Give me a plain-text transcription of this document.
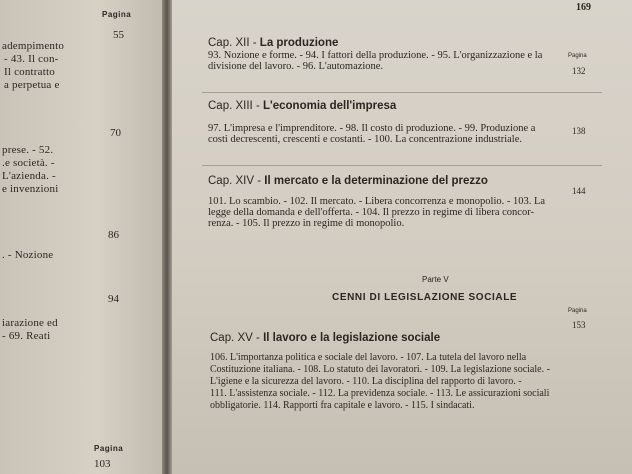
Pagina
adempimento
- 43. Il con-
Il contratto
a perpetua e
55
prese. - 52.
.e società. -
L'azienda. -
e invenzioni
70
. - Nozione
86
iarazione ed
- 69. Reati
94
Pagina
103
169
Cap. XII - La produzione
Pagina
132
93. Nozione e forme. - 94. I fattori della produzione. - 95. L'organizzazione e la
divisione del lavoro. - 96. L'automazione.
Cap. XIII - L'economia dell'impresa
138
97. L'impresa e l'imprenditore. - 98. Il costo di produzione. - 99. Produzione a
costi decrescenti, crescenti e costanti. - 100. La concentrazione industriale.
Cap. XIV - Il mercato e la determinazione del prezzo
144
101. Lo scambio. - 102. Il mercato. - Libera concorrenza e monopolio. - 103. La
legge della domanda e dell'offerta. - 104. Il prezzo in regime di libera concor-
renza. - 105. Il prezzo in regime di monopolio.
Parte V
CENNI DI LEGISLAZIONE SOCIALE
Pagina
153
Cap. XV - Il lavoro e la legislazione sociale
106. L'importanza politica e sociale del lavoro. - 107. La tutela del lavoro nella
Costituzione italiana. - 108. Lo statuto dei lavoratori. - 109. La legislazione sociale. -
L'igiene e la sicurezza del lavoro. - 110. La disciplina del rapporto di lavoro. -
111. L'assistenza sociale. - 112. La previdenza sociale. - 113. Le assicurazioni sociali
obbligatorie. 114. Rapporti fra capitale e lavoro. - 115. I sindacati.
